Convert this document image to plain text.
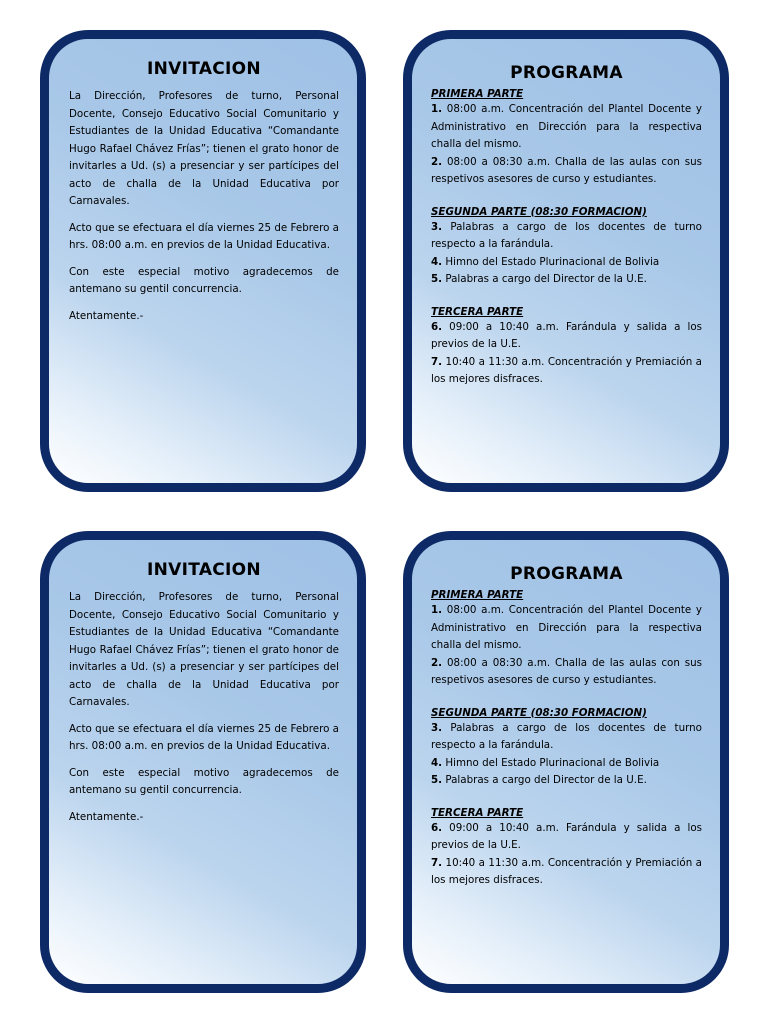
INVITACION

La Dirección, Profesores de turno, Personal Docente, Consejo Educativo Social Comunitario y Estudiantes de la Unidad Educativa “Comandante Hugo Rafael Chávez Frías”; tienen el grato honor de invitarles a Ud. (s) a presenciar y ser partícipes del acto de challa de la Unidad Educativa por Carnavales.

Acto que se efectuara el día viernes 25 de Febrero a hrs. 08:00 a.m. en previos de la Unidad Educativa.

Con este especial motivo agradecemos de antemano su gentil concurrencia.

Atentamente.-

PROGRAMA
PRIMERA PARTE

1. 08:00 a.m. Concentración del Plantel Docente y Administrativo en Dirección para la respectiva challa del mismo.

2. 08:00 a 08:30 a.m. Challa de las aulas con sus respetivos asesores de curso y estudiantes.

SEGUNDA PARTE (08:30 FORMACION)

3. Palabras a cargo de los docentes de turno respecto a la farándula.

4. Himno del Estado Plurinacional de Bolivia

5. Palabras a cargo del Director de la U.E.

TERCERA PARTE

6. 09:00 a 10:40 a.m. Farándula y salida a los previos de la U.E.

7. 10:40 a 11:30 a.m. Concentración y Premiación a los mejores disfraces.

INVITACION

La Dirección, Profesores de turno, Personal Docente, Consejo Educativo Social Comunitario y Estudiantes de la Unidad Educativa “Comandante Hugo Rafael Chávez Frías”; tienen el grato honor de invitarles a Ud. (s) a presenciar y ser partícipes del acto de challa de la Unidad Educativa por Carnavales.

Acto que se efectuara el día viernes 25 de Febrero a hrs. 08:00 a.m. en previos de la Unidad Educativa.

Con este especial motivo agradecemos de antemano su gentil concurrencia.

Atentamente.-

PROGRAMA
PRIMERA PARTE

1. 08:00 a.m. Concentración del Plantel Docente y Administrativo en Dirección para la respectiva challa del mismo.

2. 08:00 a 08:30 a.m. Challa de las aulas con sus respetivos asesores de curso y estudiantes.

SEGUNDA PARTE (08:30 FORMACION)

3. Palabras a cargo de los docentes de turno respecto a la farándula.

4. Himno del Estado Plurinacional de Bolivia

5. Palabras a cargo del Director de la U.E.

TERCERA PARTE

6. 09:00 a 10:40 a.m. Farándula y salida a los previos de la U.E.

7. 10:40 a 11:30 a.m. Concentración y Premiación a los mejores disfraces.
